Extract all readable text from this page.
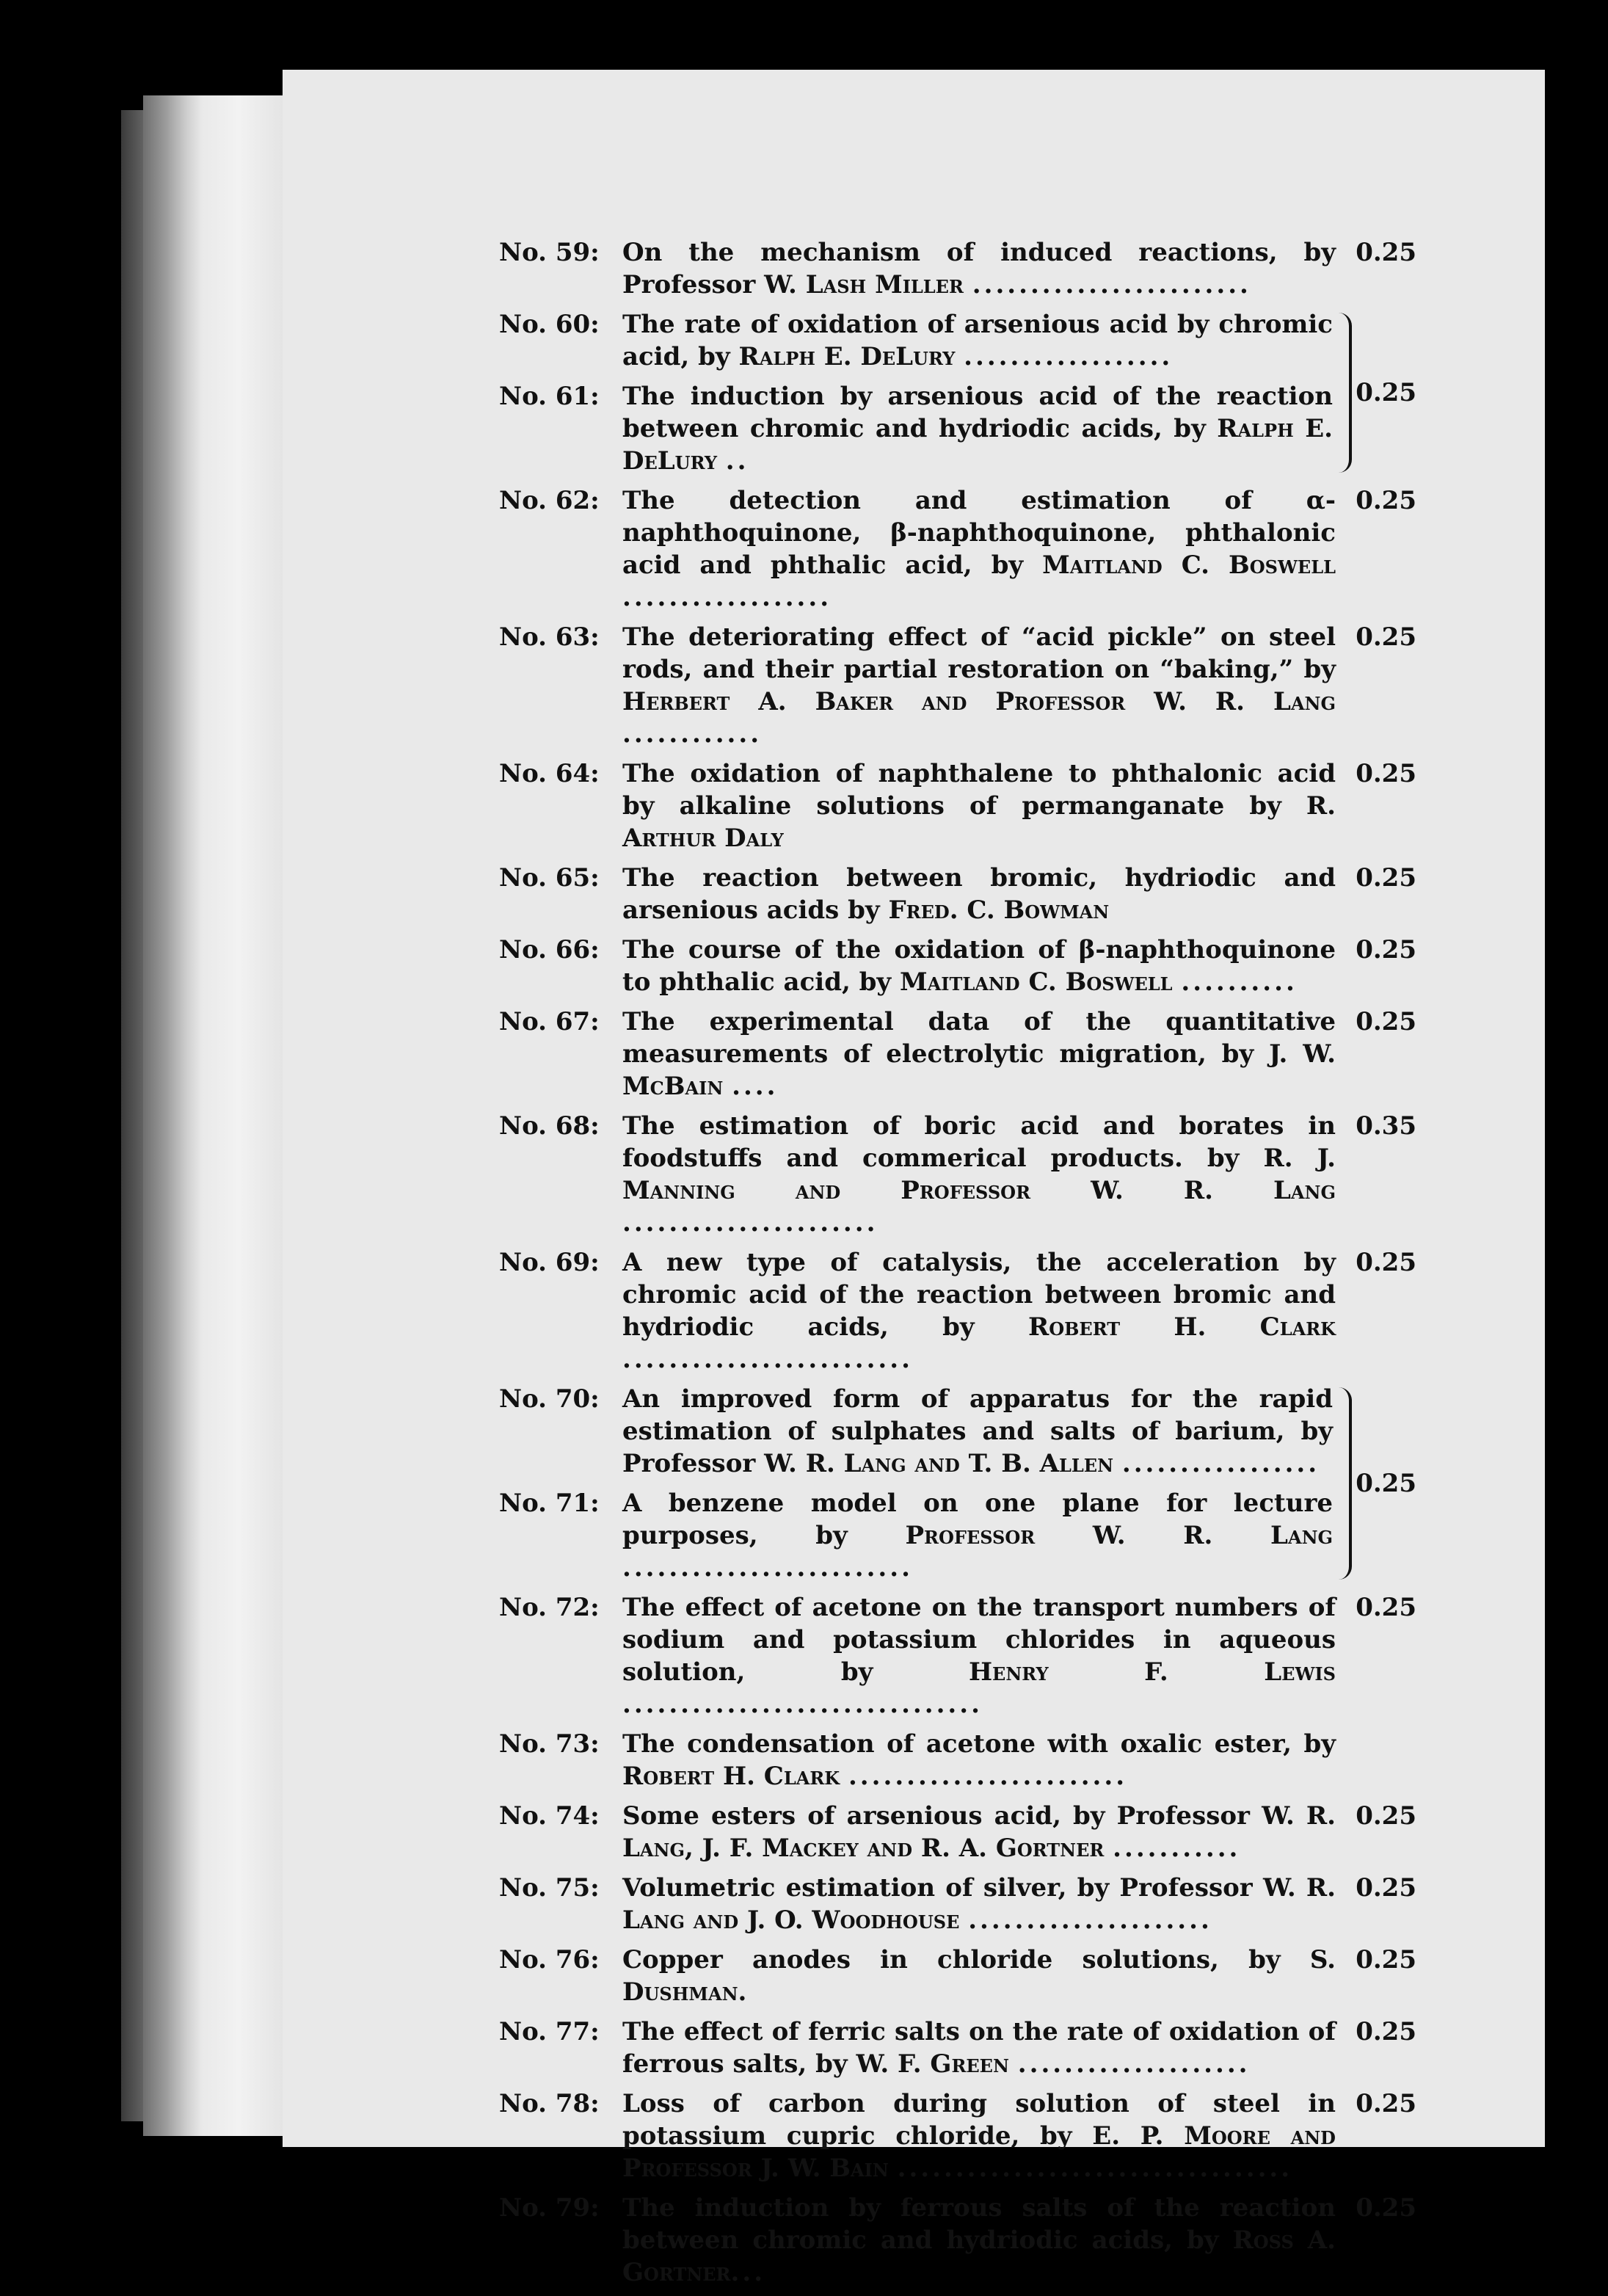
No. 59: On the mechanism of induced reactions, by Professor W. Lash Miller ........................
0.25
No. 60: The rate of oxidation of arsenious acid by chromic acid, by Ralph E. DeLury ..................
No. 61: The induction by arsenious acid of the reaction between chromic and hydriodic acids, by Ralph E. DeLury ..
0.25
No. 62: The detection and estimation of α-naphthoquinone, β-naphthoquinone, phthalonic acid and phthalic acid, by Maitland C. Boswell ..................
0.25
No. 63: The deteriorating effect of “acid pickle” on steel rods, and their partial restoration on “baking,” by Herbert A. Baker and Professor W. R. Lang ............
0.25
No. 64: The oxidation of naphthalene to phthalonic acid by alkaline solutions of permanganate by R. Arthur Daly
0.25
No. 65: The reaction between bromic, hydriodic and arsenious acids by Fred. C. Bowman
0.25
No. 66: The course of the oxidation of β-naphthoquinone to phthalic acid, by Maitland C. Boswell ..........
0.25
No. 67: The experimental data of the quantitative measurements of electrolytic migration, by J. W. McBain ....
0.25
No. 68: The estimation of boric acid and borates in foodstuffs and commerical products. by R. J. Manning and Professor W. R. Lang ......................
0.35
No. 69: A new type of catalysis, the acceleration by chromic acid of the reaction between bromic and hydriodic acids, by Robert H. Clark .........................
0.25
No. 70: An improved form of apparatus for the rapid estimation of sulphates and salts of barium, by Professor W. R. Lang and T. B. Allen .................
No. 71: A benzene model on one plane for lecture purposes, by Professor W. R. Lang .........................
0.25
No. 72: The effect of acetone on the transport numbers of sodium and potassium chlorides in aqueous solution, by	Henry F. Lewis ...............................
0.25
No. 73: The condensation of acetone with oxalic ester, by Robert H. Clark ........................
No. 74: Some esters of arsenious acid, by Professor W. R. Lang, J. F. Mackey and R. A. Gortner ...........
0.25
No. 75: Volumetric estimation of silver, by Professor W. R. Lang and J. O. Woodhouse .....................
0.25
No. 76: Copper anodes in chloride solutions, by S. Dushman.
0.25
No. 77: The effect of ferric salts on the rate of oxidation of ferrous salts, by W. F. Green ....................
0.25
No. 78: Loss of carbon during solution of steel in potassium cupric chloride, by E. P. Moore and Professor J. W. Bain ..................................
0.25
No. 79: The induction by ferrous salts of the reaction between chromic and hydriodic acids, by Ross A. Gortner...
0.25
